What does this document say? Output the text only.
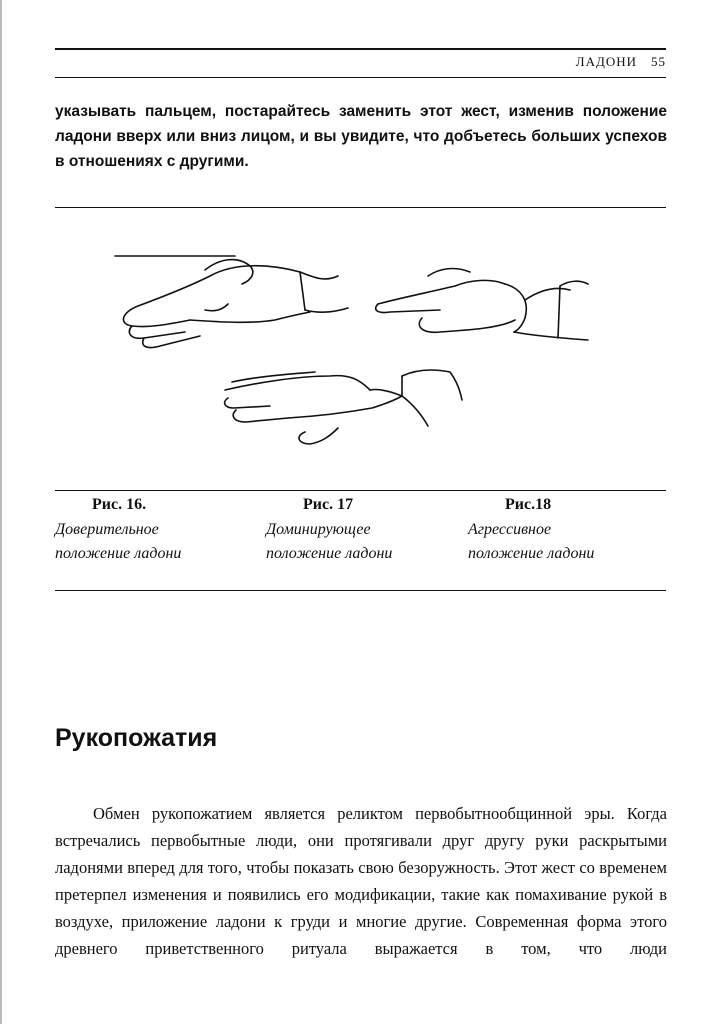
ЛАДОНИ 55

указывать пальцем, постарайтесь заменить этот жест, изменив положение ладони вверх или вниз лицом, и вы увидите, что добъетесь больших успехов в отношениях с другими.

Рис. 16.
Доверительное
положение ладони
Рис. 17
Доминирующее
положение ладони
Рис.18
Агрессивное
положение ладони
Рукопожатия

Обмен рукопожатием является реликтом первобытнообщинной эры. Когда встречались первобытные люди, они протягивали друг другу руки раскрытыми ладонями вперед для того, чтобы показать свою безоружность. Этот жест со временем претерпел изменения и появились его модификации, такие как помахивание рукой в воздухе, приложение ладони к груди и многие другие. Современная форма этого древнего приветственного ритуала выражается в том, что люди
